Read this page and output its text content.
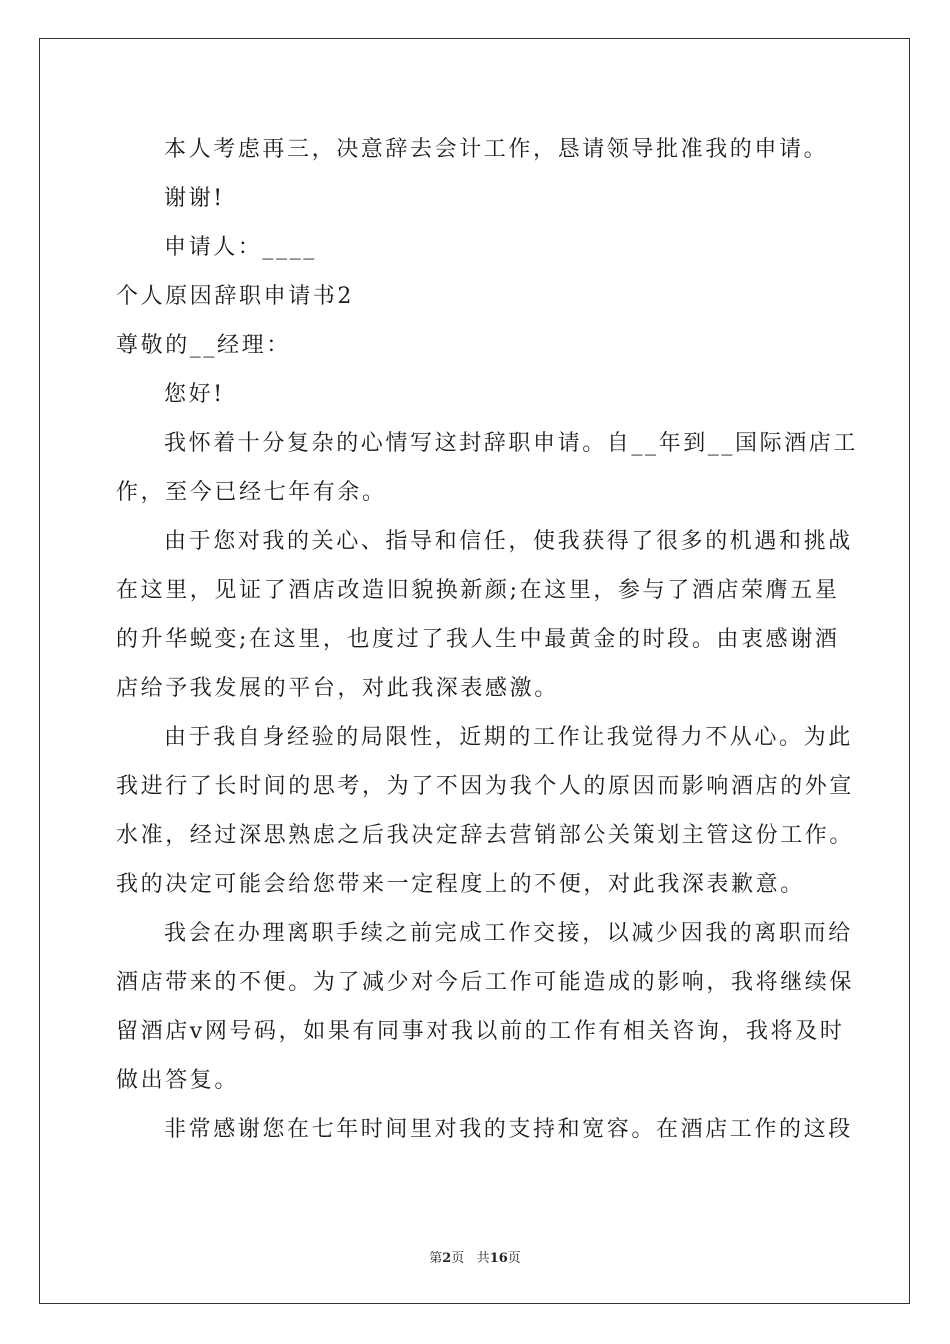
本人考虑再三，决意辞去会计工作，恳请领导批准我的申请。
谢谢!
申请人：____
个人原因辞职申请书2
尊敬的__经理：
您好!
我怀着十分复杂的心情写这封辞职申请。自__年到__国际酒店工
作，至今已经七年有余。
由于您对我的关心、指导和信任，使我获得了很多的机遇和挑战
在这里，见证了酒店改造旧貌换新颜;在这里，参与了酒店荣膺五星
的升华蜕变;在这里，也度过了我人生中最黄金的时段。由衷感谢酒
店给予我发展的平台，对此我深表感激。
由于我自身经验的局限性，近期的工作让我觉得力不从心。为此
我进行了长时间的思考，为了不因为我个人的原因而影响酒店的外宣
水准，经过深思熟虑之后我决定辞去营销部公关策划主管这份工作。
我的决定可能会给您带来一定程度上的不便，对此我深表歉意。
我会在办理离职手续之前完成工作交接，以减少因我的离职而给
酒店带来的不便。为了减少对今后工作可能造成的影响，我将继续保
留酒店v网号码，如果有同事对我以前的工作有相关咨询，我将及时
做出答复。
非常感谢您在七年时间里对我的支持和宽容。在酒店工作的这段
第2页 共16页
